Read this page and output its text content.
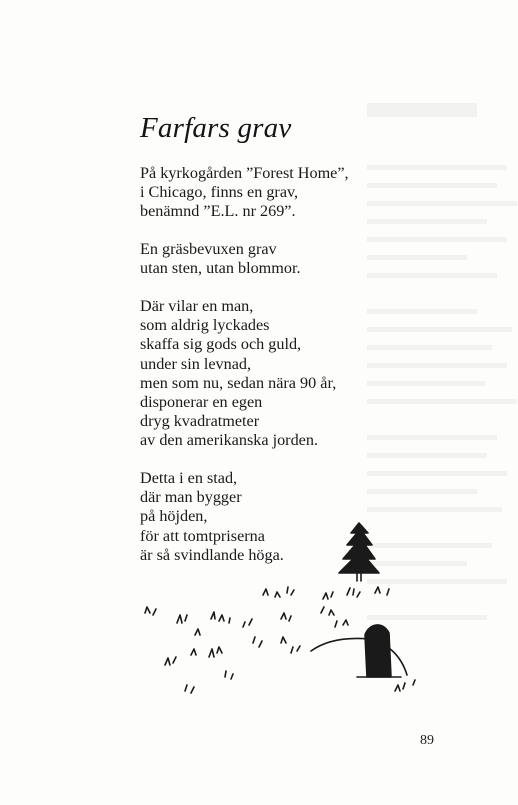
Farfars grav
På kyrkogården ”Forest Home”,
i Chicago, finns en grav,
benämnd ”E.L. nr 269”.
En gräsbevuxen grav
utan sten, utan blommor.
Där vilar en man,
som aldrig lyckades
skaffa sig gods och guld,
under sin levnad,
men som nu, sedan nära 90 år,
disponerar en egen
dryg kvadratmeter
av den amerikanska jorden.
Detta i en stad,
där man bygger
på höjden,
för att tomtpriserna
är så svindlande höga.
89
